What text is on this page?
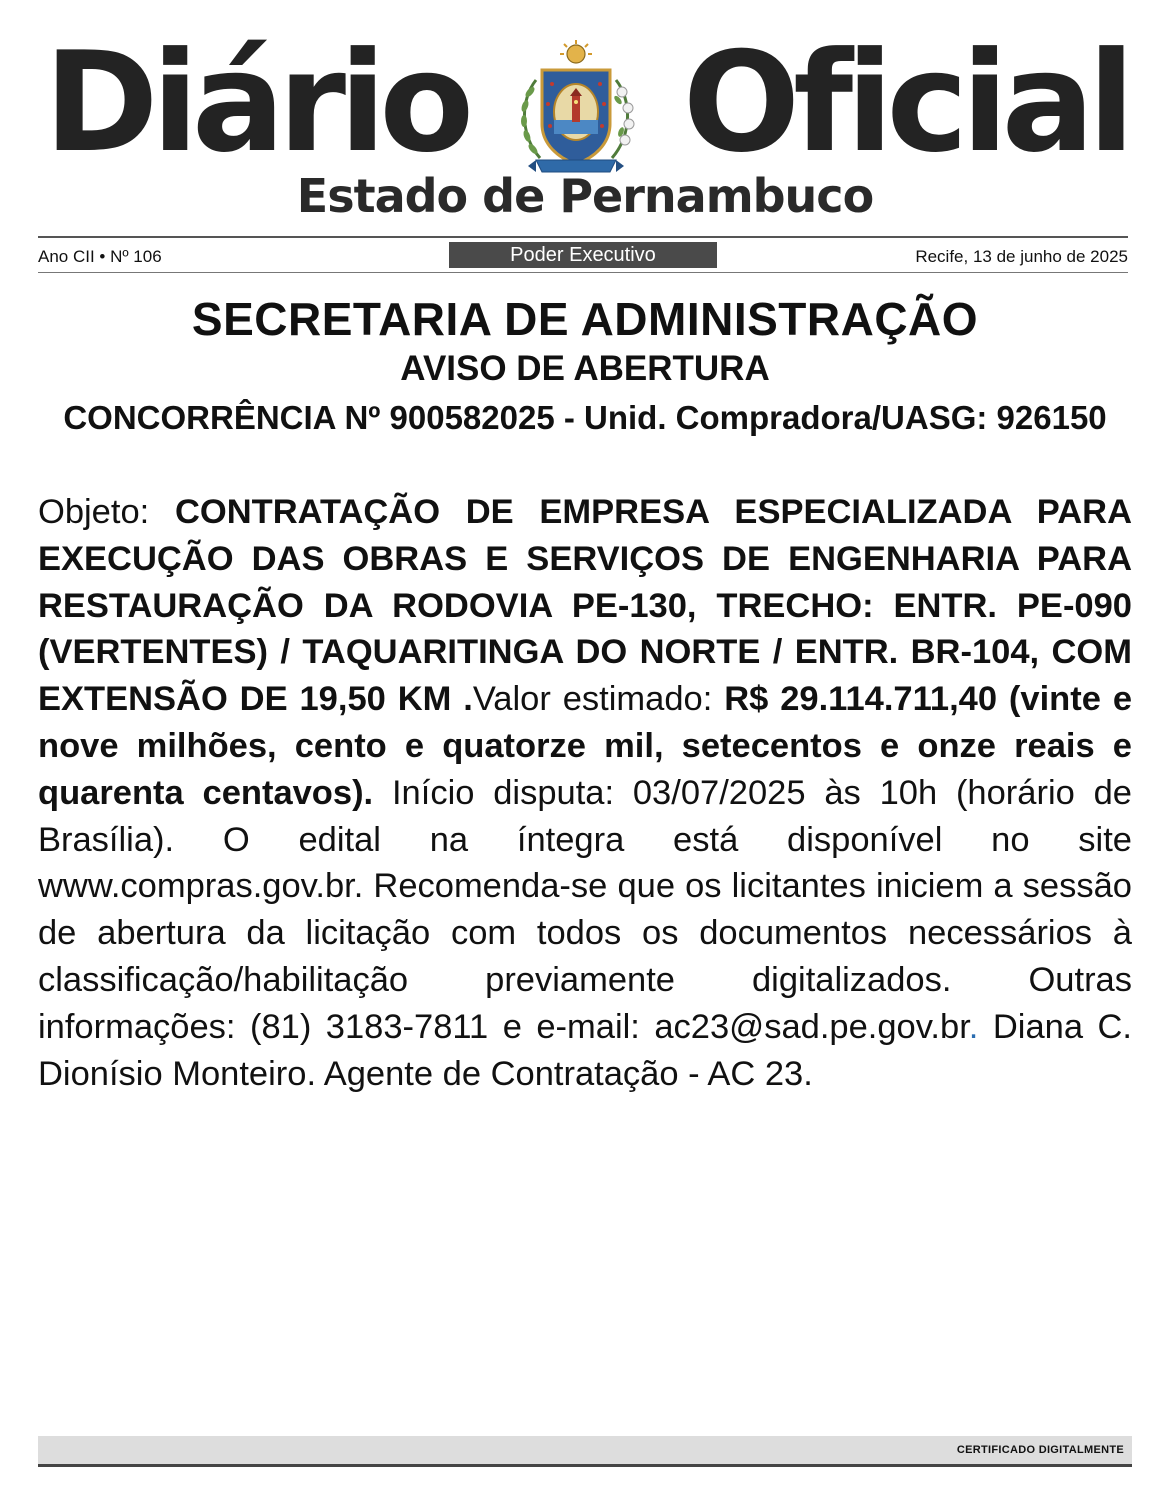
Diário Oficial
Estado de Pernambuco
Ano CII • Nº 106	Poder Executivo	Recife, 13 de junho de 2025
SECRETARIA DE ADMINISTRAÇÃO
AVISO DE ABERTURA
CONCORRÊNCIA Nº 900582025 - Unid. Compradora/UASG: 926150
Objeto: CONTRATAÇÃO DE EMPRESA ESPECIALIZADA PARA EXECUÇÃO DAS OBRAS E SERVIÇOS DE ENGENHARIA PARA RESTAURAÇÃO DA RODOVIA PE-130, TRECHO: ENTR. PE-090 (VERTENTES) / TAQUARITINGA DO NORTE / ENTR. BR-104, COM EXTENSÃO DE 19,50 KM .Valor estimado: R$ 29.114.711,40 (vinte e nove milhões, cento e quatorze mil, setecentos e onze reais e quarenta centavos). Início disputa: 03/07/2025 às 10h (horário de Brasília). O edital na íntegra está disponível no site www.compras.gov.br. Recomenda-se que os licitantes iniciem a sessão de abertura da licitação com todos os documentos necessários à classificação/habilitação previamente digitalizados. Outras informações: (81) 3183-7811 e e-mail: ac23@sad.pe.gov.br. Diana C. Dionísio Monteiro. Agente de Contratação - AC 23.
CERTIFICADO DIGITALMENTE
